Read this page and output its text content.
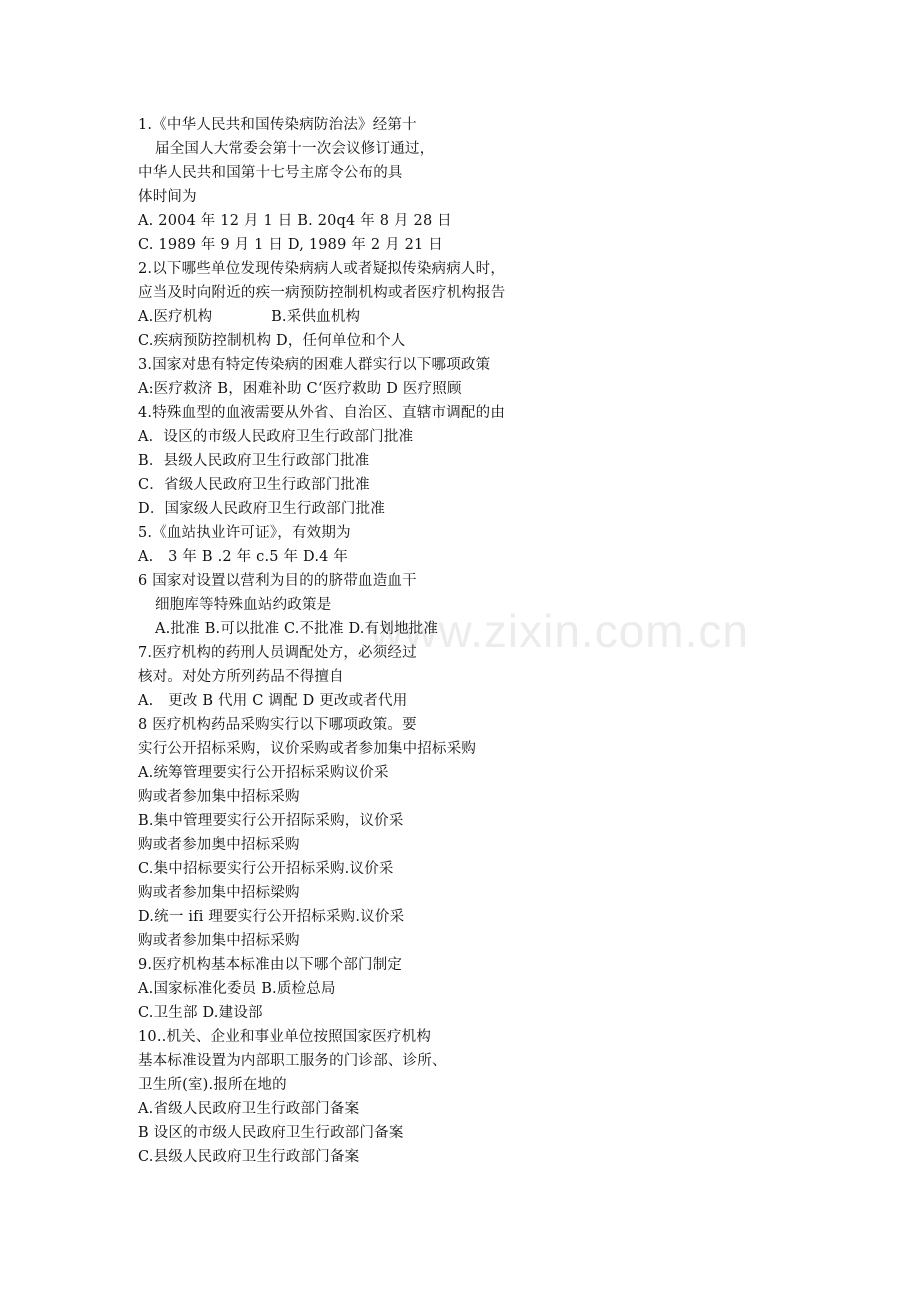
www.zixin.com.cn
1.《中华人民共和国传染病防治法》经第十
届全国人大常委会第十一次会议修订通过，
中华人民共和国第十七号主席令公布的具
体时间为
A. 2004 年 12 月 1 日 B. 20q4 年 8 月 28 日
C. 1989 年 9 月 1 日 D, 1989 年 2 月 21 日
2.以下哪些单位发现传染病病人或者疑拟传染病病人时，
应当及时向附近的疾一病预防控制机构或者医疗机构报告
A.医疗机构　　　　B.采供血机构
C.疾病预防控制机构 D，任何单位和个人
3.国家对患有特定传染病的困难人群实行以下哪项政策
A:医疗救济 B，困难补助 C‘医疗救助 D 医疗照顾
4.特殊血型的血液需要从外省、自治区、直辖市调配的由
A．设区的市级人民政府卫生行政部门批准
B．县级人民政府卫生行政部门批准
C．省级人民政府卫生行政部门批准
D．国家级人民政府卫生行政部门批准
5.《血站执业许可证》，有效期为
A.　3 年 B .2 年 c.5 年 D.4 年
6 国家对设置以营利为目的的脐带血造血干
细胞库等特殊血站约政策是
A.批准 B.可以批准 C.不批准 D.有划地批准
7.医疗机构的药刑人员调配处方，必须经过
核对。对处方所列药品不得擅自
A.　更改 B 代用 C 调配 D 更改或者代用
8 医疗机构药品采购实行以下哪项政策。要
实行公开招标采购，议价采购或者参加集中招标采购
A.统筹管理要实行公开招标采购议价采
购或者参加集中招标采购
B.集中管理要实行公开招际采购，议价采
购或者参加奥中招标采购
C.集中招标要实行公开招标采购.议价采
购或者参加集中招标梁购
D.统一 ifi 理要实行公开招标采购.议价采
购或者参加集中招标采购
9.医疗机构基本标准由以下哪个部门制定
A.国家标准化委员 B.质检总局
C.卫生部 D.建设部
10..机关、企业和事业单位按照国家医疗机构
基本标准设置为内部职工服务的门诊部、诊所、
卫生所(室).报所在地的
A.省级人民政府卫生行政部门备案
B 设区的市级人民政府卫生行政部门备案
C.县级人民政府卫生行政部门备案
